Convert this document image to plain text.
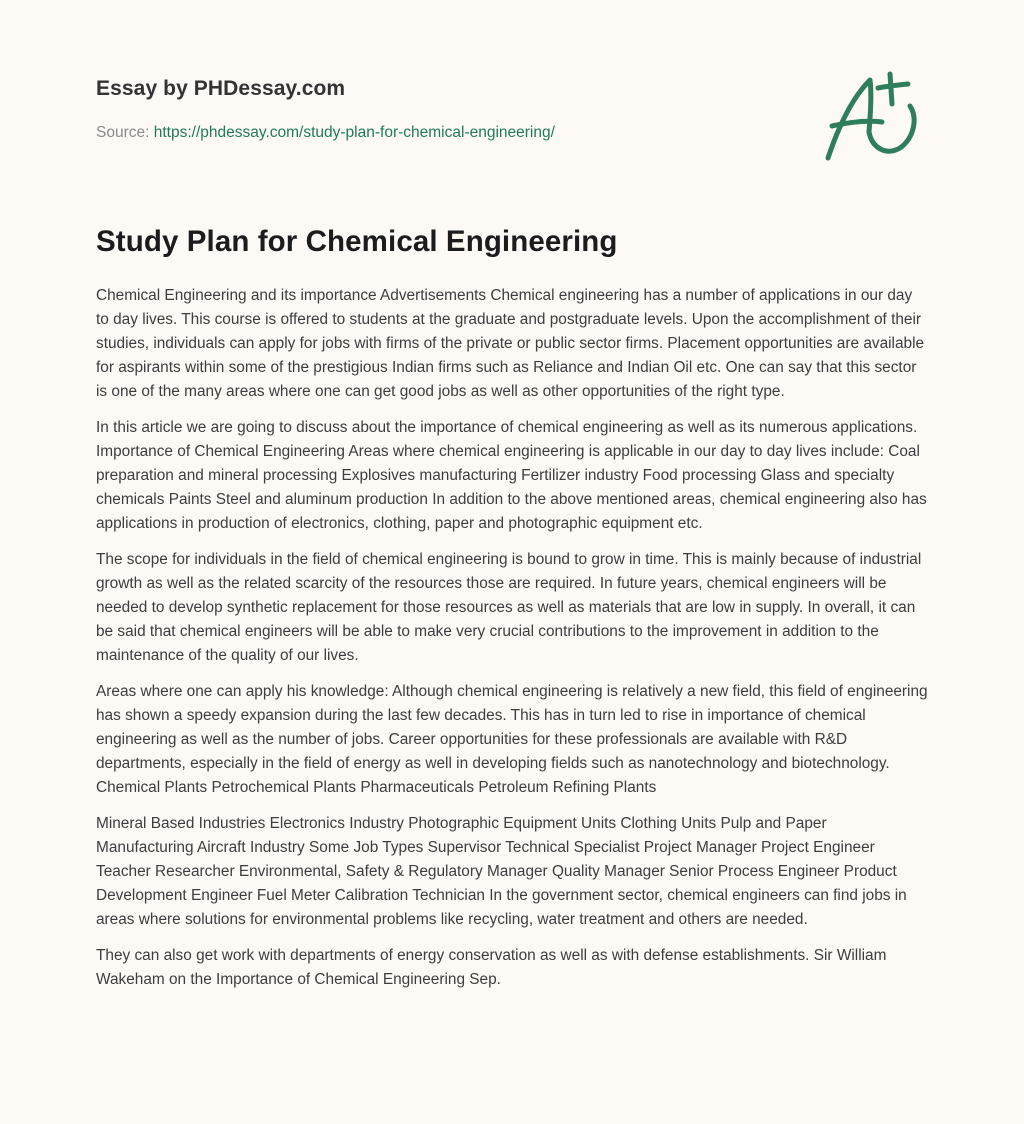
Essay by PHDessay.com
Source: https://phdessay.com/study-plan-for-chemical-engineering/
Study Plan for Chemical Engineering

Chemical Engineering and its importance Advertisements Chemical engineering has a number of applications in our day to day lives. This course is offered to students at the graduate and postgraduate levels. Upon the accomplishment of their studies, individuals can apply for jobs with firms of the private or public sector firms. Placement opportunities are available for aspirants within some of the prestigious Indian firms such as Reliance and Indian Oil etc. One can say that this sector is one of the many areas where one can get good jobs as well as other opportunities of the right type.

In this article we are going to discuss about the importance of chemical engineering as well as its numerous applications. Importance of Chemical Engineering Areas where chemical engineering is applicable in our day to day lives include: Coal preparation and mineral processing Explosives manufacturing Fertilizer industry Food processing Glass and specialty chemicals Paints Steel and aluminum production In addition to the above mentioned areas, chemical engineering also has applications in production of electronics, clothing, paper and photographic equipment etc.

The scope for individuals in the field of chemical engineering is bound to grow in time. This is mainly because of industrial growth as well as the related scarcity of the resources those are required. In future years, chemical engineers will be needed to develop synthetic replacement for those resources as well as materials that are low in supply. In overall, it can be said that chemical engineers will be able to make very crucial contributions to the improvement in addition to the maintenance of the quality of our lives.

Areas where one can apply his knowledge: Although chemical engineering is relatively a new field, this field of engineering has shown a speedy expansion during the last few decades. This has in turn led to rise in importance of chemical engineering as well as the number of jobs. Career opportunities for these professionals are available with R&D departments, especially in the field of energy as well in developing fields such as nanotechnology and biotechnology. Chemical Plants Petrochemical Plants Pharmaceuticals Petroleum Refining Plants

Mineral Based Industries Electronics Industry Photographic Equipment Units Clothing Units Pulp and Paper Manufacturing Aircraft Industry Some Job Types Supervisor Technical Specialist Project Manager Project Engineer Teacher Researcher Environmental, Safety & Regulatory Manager Quality Manager Senior Process Engineer Product Development Engineer Fuel Meter Calibration Technician In the government sector, chemical engineers can find jobs in areas where solutions for environmental problems like recycling, water treatment and others are needed.

They can also get work with departments of energy conservation as well as with defense establishments. Sir William Wakeham on the Importance of Chemical Engineering Sep.
